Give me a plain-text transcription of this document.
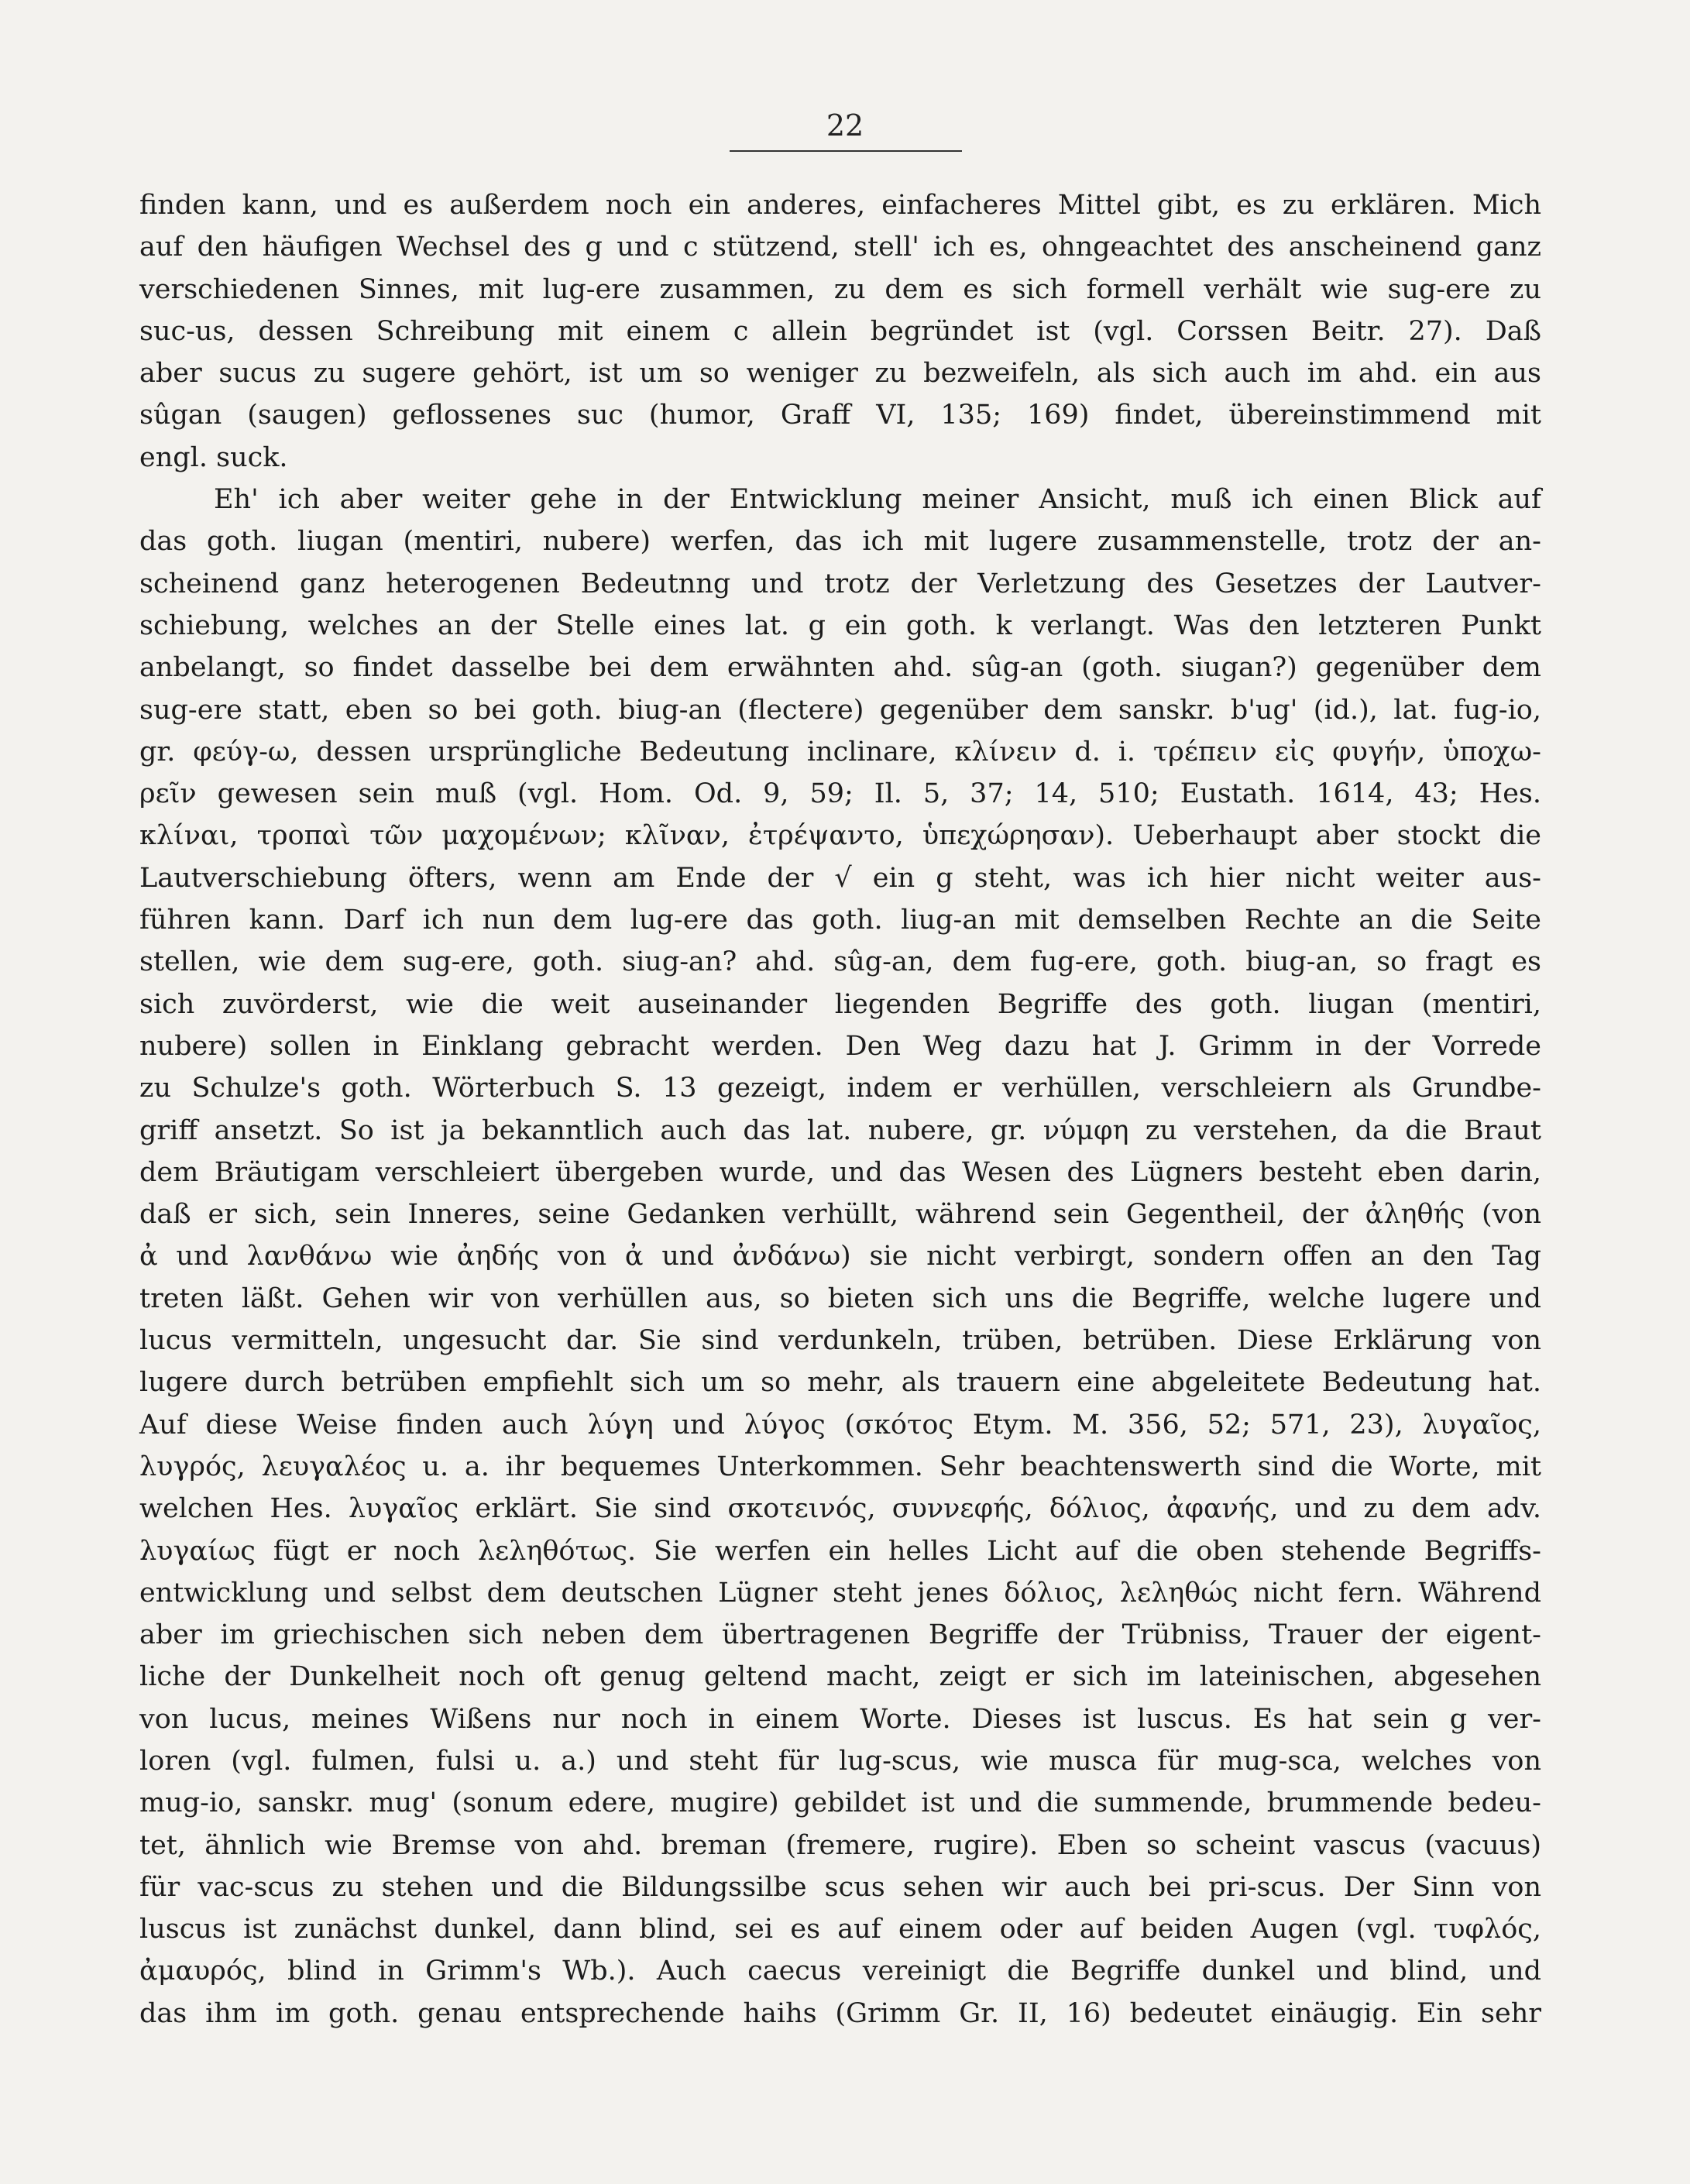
22
finden kann, und es außerdem noch ein anderes, einfacheres Mittel gibt, es zu erklären. Mich
auf den häufigen Wechsel des g und c stützend, stell' ich es, ohngeachtet des anscheinend ganz
verschiedenen Sinnes, mit lug-ere zusammen, zu dem es sich formell verhält wie sug-ere zu
suc-us, dessen Schreibung mit einem c allein begründet ist (vgl. Corssen Beitr. 27). Daß
aber sucus zu sugere gehört, ist um so weniger zu bezweifeln, als sich auch im ahd. ein aus
sûgan (saugen) geflossenes suc (humor, Graff VI, 135; 169) findet, übereinstimmend mit
engl. suck.
Eh' ich aber weiter gehe in der Entwicklung meiner Ansicht, muß ich einen Blick auf
das goth. liugan (mentiri, nubere) werfen, das ich mit lugere zusammenstelle, trotz der an-
scheinend ganz heterogenen Bedeutnng und trotz der Verletzung des Gesetzes der Lautver-
schiebung, welches an der Stelle eines lat. g ein goth. k verlangt. Was den letzteren Punkt
anbelangt, so findet dasselbe bei dem erwähnten ahd. sûg-an (goth. siugan?) gegenüber dem
sug-ere statt, eben so bei goth. biug-an (flectere) gegenüber dem sanskr. b'ug' (id.), lat. fug-io,
gr. φεύγ-ω, dessen ursprüngliche Bedeutung inclinare, κλίνειν d. i. τρέπειν εἰς φυγήν, ὑποχω-
ρεῖν gewesen sein muß (vgl. Hom. Od. 9, 59; Il. 5, 37; 14, 510; Eustath. 1614, 43; Hes.
κλίναι, τροπαὶ τῶν μαχομένων; κλῖναν, ἐτρέψαντο, ὑπεχώρησαν). Ueberhaupt aber stockt die
Lautverschiebung öfters, wenn am Ende der √ ein g steht, was ich hier nicht weiter aus-
führen kann. Darf ich nun dem lug-ere das goth. liug-an mit demselben Rechte an die Seite
stellen, wie dem sug-ere, goth. siug-an? ahd. sûg-an, dem fug-ere, goth. biug-an, so fragt es
sich zuvörderst, wie die weit auseinander liegenden Begriffe des goth. liugan (mentiri,
nubere) sollen in Einklang gebracht werden. Den Weg dazu hat J. Grimm in der Vorrede
zu Schulze's goth. Wörterbuch S. 13 gezeigt, indem er verhüllen, verschleiern als Grundbe-
griff ansetzt. So ist ja bekanntlich auch das lat. nubere, gr. νύμφη zu verstehen, da die Braut
dem Bräutigam verschleiert übergeben wurde, und das Wesen des Lügners besteht eben darin,
daß er sich, sein Inneres, seine Gedanken verhüllt, während sein Gegentheil, der ἀληθής (von
ἀ und λανθάνω wie ἀηδής von ἀ und ἀνδάνω) sie nicht verbirgt, sondern offen an den Tag
treten läßt. Gehen wir von verhüllen aus, so bieten sich uns die Begriffe, welche lugere und
lucus vermitteln, ungesucht dar. Sie sind verdunkeln, trüben, betrüben. Diese Erklärung von
lugere durch betrüben empfiehlt sich um so mehr, als trauern eine abgeleitete Bedeutung hat.
Auf diese Weise finden auch λύγη und λύγος (σκότος Etym. M. 356, 52; 571, 23), λυγαῖος,
λυγρός, λευγαλέος u. a. ihr bequemes Unterkommen. Sehr beachtenswerth sind die Worte, mit
welchen Hes. λυγαῖος erklärt. Sie sind σκοτεινός, συννεφής, δόλιος, ἀφανής, und zu dem adv.
λυγαίως fügt er noch λεληθότως. Sie werfen ein helles Licht auf die oben stehende Begriffs-
entwicklung und selbst dem deutschen Lügner steht jenes δόλιος, λεληθώς nicht fern. Während
aber im griechischen sich neben dem übertragenen Begriffe der Trübniss, Trauer der eigent-
liche der Dunkelheit noch oft genug geltend macht, zeigt er sich im lateinischen, abgesehen
von lucus, meines Wißens nur noch in einem Worte. Dieses ist luscus. Es hat sein g ver-
loren (vgl. fulmen, fulsi u. a.) und steht für lug-scus, wie musca für mug-sca, welches von
mug-io, sanskr. mug' (sonum edere, mugire) gebildet ist und die summende, brummende bedeu-
tet, ähnlich wie Bremse von ahd. breman (fremere, rugire). Eben so scheint vascus (vacuus)
für vac-scus zu stehen und die Bildungssilbe scus sehen wir auch bei pri-scus. Der Sinn von
luscus ist zunächst dunkel, dann blind, sei es auf einem oder auf beiden Augen (vgl. τυφλός,
ἀμαυρός, blind in Grimm's Wb.). Auch caecus vereinigt die Begriffe dunkel und blind, und
das ihm im goth. genau entsprechende haihs (Grimm Gr. II, 16) bedeutet einäugig. Ein sehr
